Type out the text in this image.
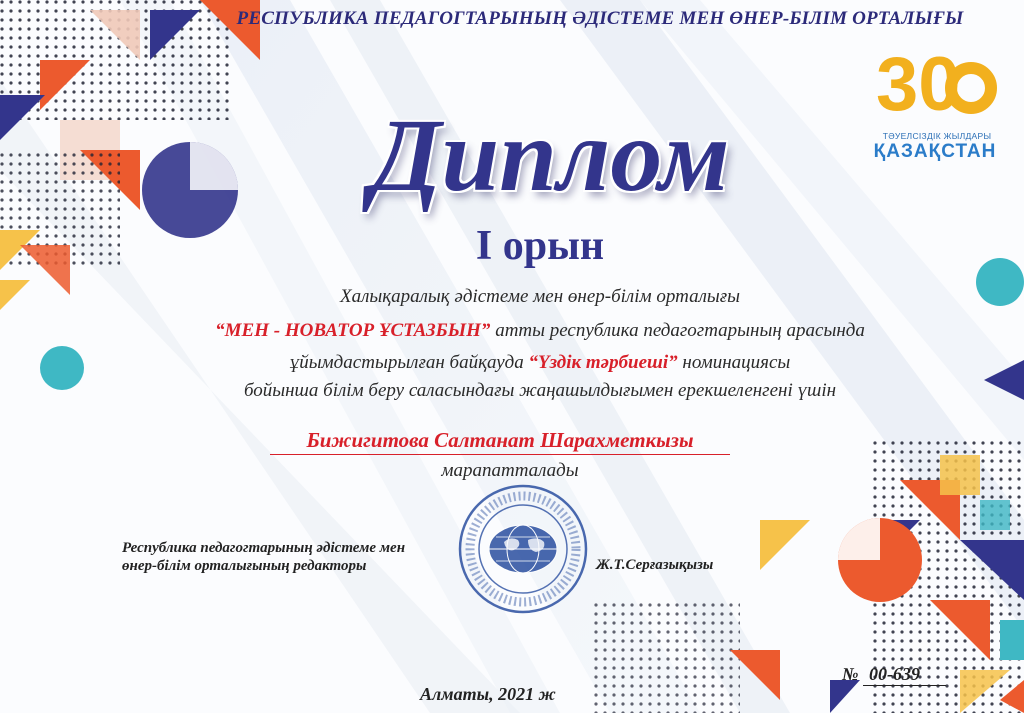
РЕСПУБЛИКА ПЕДАГОГТАРЫНЫҢ ӘДІСТЕМЕ МЕН ӨНЕР-БІЛІМ ОРТАЛЫҒЫ
30
ТӘУЕЛСІЗДІК ЖЫЛДАРЫ
ҚАЗАҚСТАН
Диплом
I орын
Халықаралық әдістеме мен өнер-білім орталығы
“МЕН - НОВАТОР ҰСТАЗБЫН” атты республика педагогтарының арасында
ұйымдастырылған байқауда “Үздік тәрбиеші” номинациясы
бойынша білім беру саласындағы жаңашылдығымен ерекшеленгені үшін
Бижигитова Салтанат Шарахметкызы
марапатталады
Республика педагогтарының әдістеме мен
өнер-білім орталығының редакторы	Ж.Т.Серғазықызы
№ 00-639
Алматы, 2021 ж
